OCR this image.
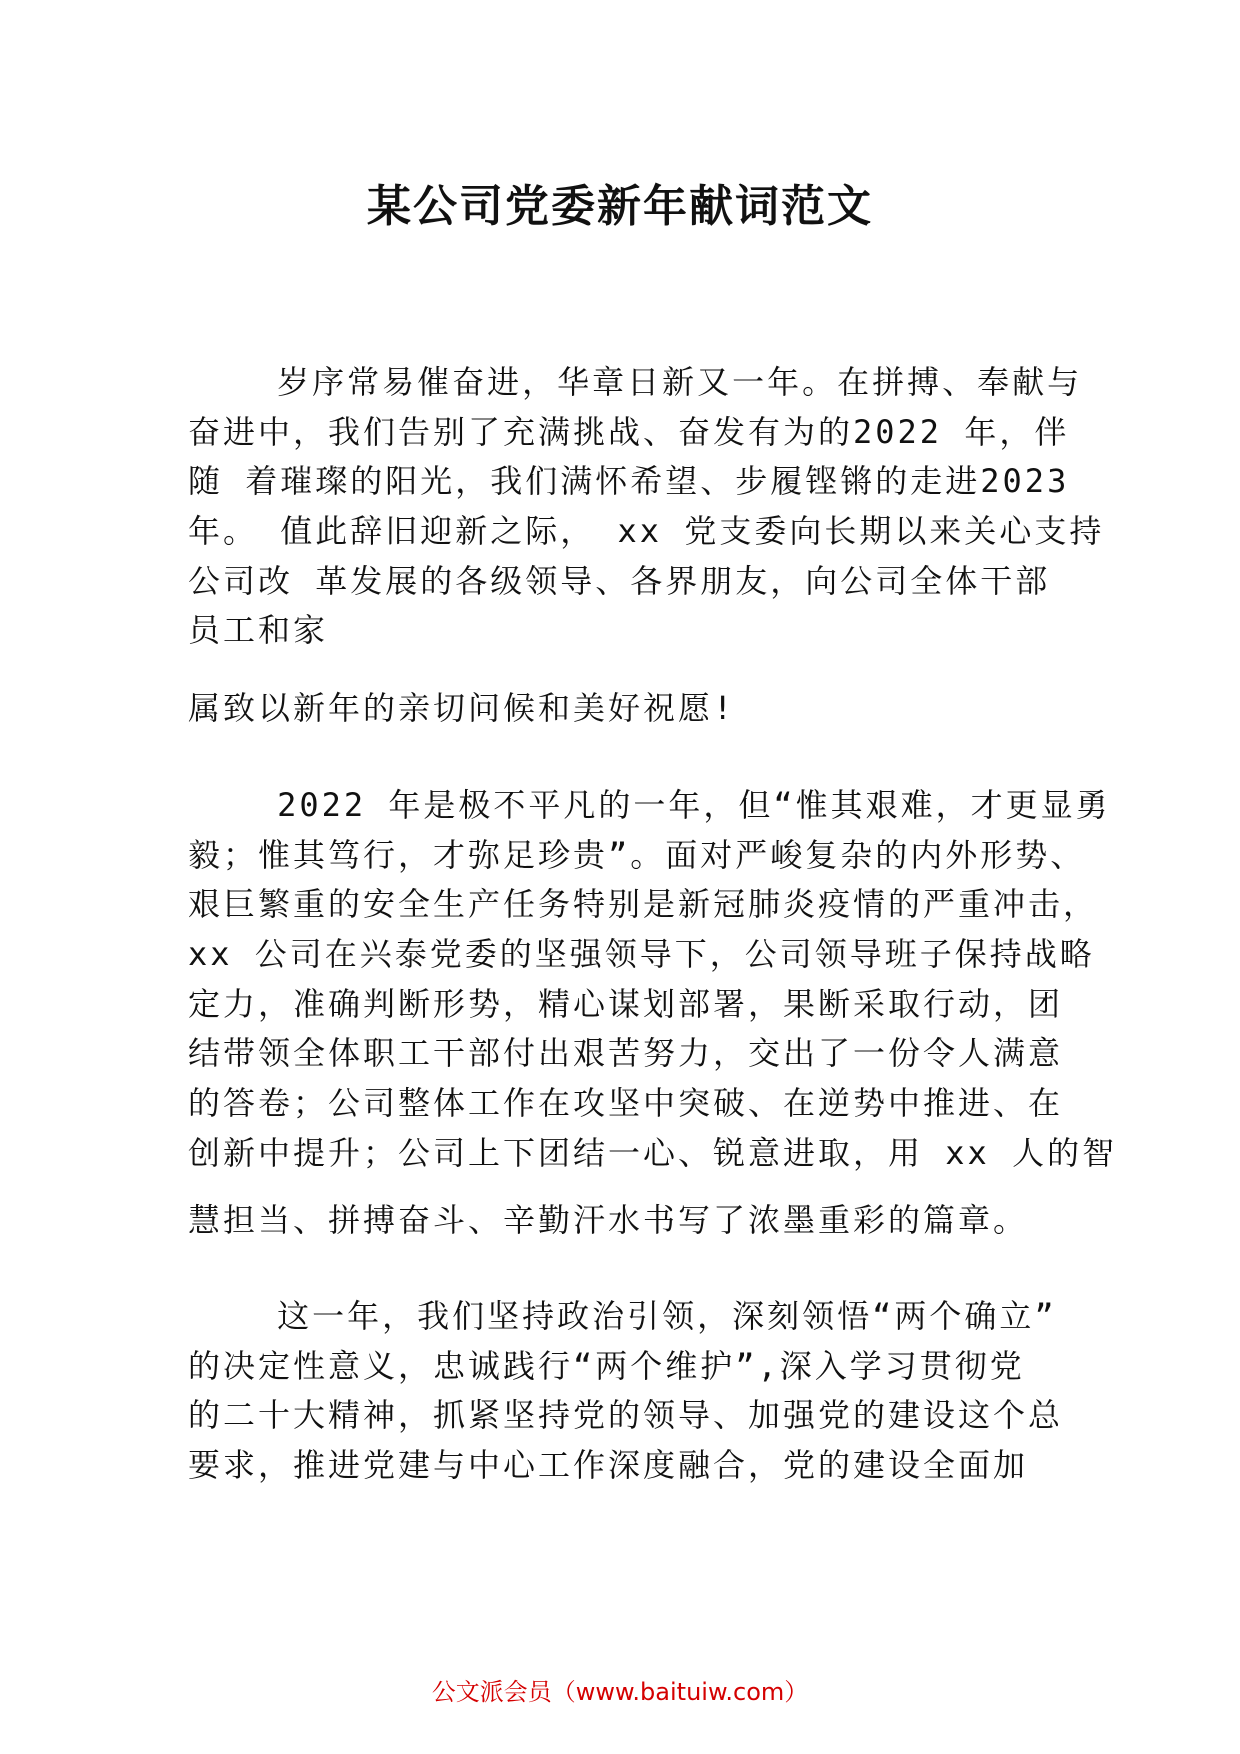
某公司党委新年献词范文
岁序常易催奋进，华章日新又一年。在拼搏、奉献与
奋进中，我们告别了充满挑战、奋发有为的2022 年，伴
随 着璀璨的阳光，我们满怀希望、步履铿锵的走进2023
年。 值此辞旧迎新之际， xx 党支委向长期以来关心支持
公司改 革发展的各级领导、各界朋友，向公司全体干部
员工和家
属致以新年的亲切问候和美好祝愿!
2022 年是极不平凡的一年，但“惟其艰难，才更显勇
毅；惟其笃行，才弥足珍贵”。面对严峻复杂的内外形势、
艰巨繁重的安全生产任务特别是新冠肺炎疫情的严重冲击，
xx 公司在兴泰党委的坚强领导下，公司领导班子保持战略
定力，准确判断形势，精心谋划部署，果断采取行动，团
结带领全体职工干部付出艰苦努力，交出了一份令人满意
的答卷；公司整体工作在攻坚中突破、在逆势中推进、在
创新中提升；公司上下团结一心、锐意进取，用 xx 人的智
慧担当、拼搏奋斗、辛勤汗水书写了浓墨重彩的篇章。
这一年，我们坚持政治引领，深刻领悟“两个确立”
的决定性意义，忠诚践行“两个维护”,深入学习贯彻党
的二十大精神，抓紧坚持党的领导、加强党的建设这个总
要求，推进党建与中心工作深度融合，党的建设全面加
公文派会员（www.baituiw.com）
